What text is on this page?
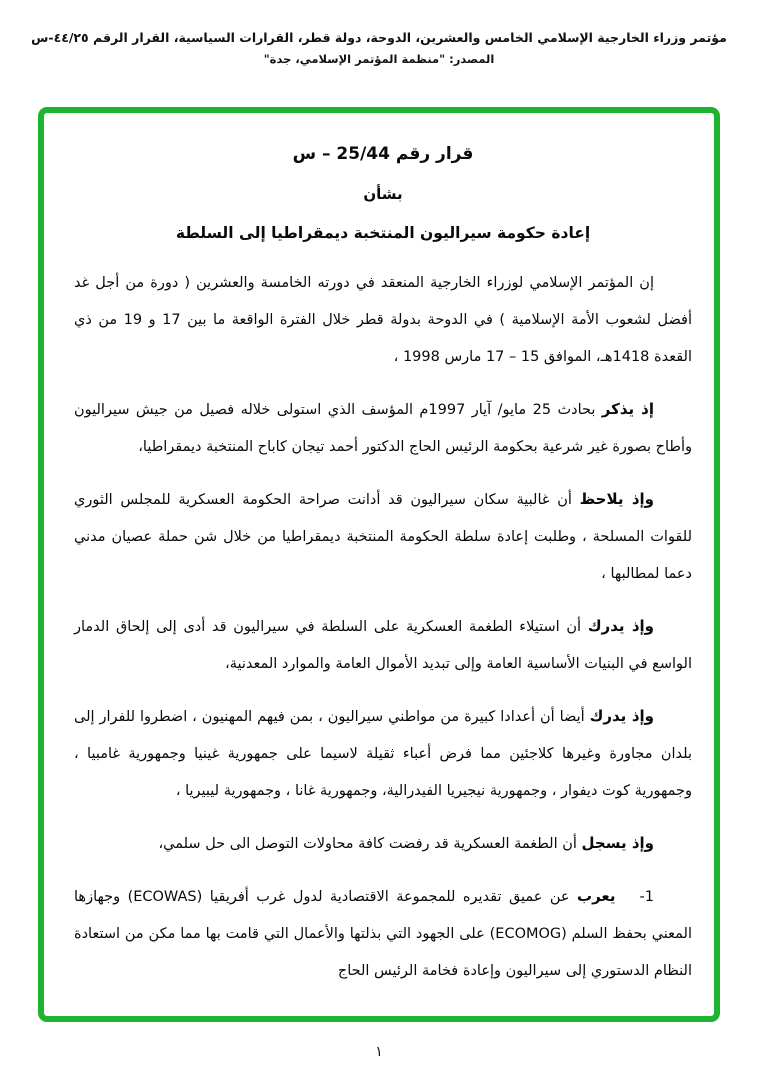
مؤتمر وزراء الخارجية الإسلامي الخامس والعشرين، الدوحة، دولة قطر، القرارات السياسية، القرار الرقم ٤٤/٢٥-س
المصدر: "منظمة المؤتمر الإسلامي، جدة"
قرار رقم 25/44 – س
بشأن
إعادة حكومة سيراليون المنتخبة ديمقراطيا إلى السلطة
إن المؤتمر الإسلامي لوزراء الخارجية المنعقد في دورته الخامسة والعشرين ( دورة من أجل غد أفضل لشعوب الأمة الإسلامية ) في الدوحة بدولة قطر خلال الفترة الواقعة ما بين 17 و 19 من ذي القعدة 1418هـ، الموافق 15 – 17 مارس 1998 ،
إذ يذكر بحادث 25 مايو/ آيار 1997م المؤسف الذي استولى خلاله فصيل من جيش سيراليون وأطاح بصورة غير شرعية بحكومة الرئيس الحاج الدكتور أحمد تيجان كاباح المنتخبة ديمقراطيا،
وإذ يلاحظ أن غالبية سكان سيراليون قد أدانت صراحة الحكومة العسكرية للمجلس الثوري للقوات المسلحة ، وطلبت إعادة سلطة الحكومة المنتخبة ديمقراطيا من خلال شن حملة عصيان مدني دعما لمطالبها ،
وإذ يدرك أن استيلاء الطغمة العسكرية على السلطة في سيراليون قد أدى إلى إلحاق الدمار الواسع في البنيات الأساسية العامة وإلى تبديد الأموال العامة والموارد المعدنية،
وإذ يدرك أيضا أن أعدادا كبيرة من مواطني سيراليون ، بمن فيهم المهنيون ، اضطروا للفرار إلى بلدان مجاورة وغيرها كلاجئين مما فرض أعباء ثقيلة لاسيما على جمهورية غينيا وجمهورية غامبيا ، وجمهورية كوت ديفوار ، وجمهورية نيجيريا الفيدرالية، وجمهورية غانا ، وجمهورية ليبيريا ،
وإذ يسجل أن الطغمة العسكرية قد رفضت كافة محاولات التوصل الى حل سلمي،
1-يعرب عن عميق تقديره للمجموعة الاقتصادية لدول غرب أفريقيا (ECOWAS) وجهازها المعني بحفظ السلم (ECOMOG) على الجهود التي بذلتها والأعمال التي قامت بها مما مكن من استعادة النظام الدستوري إلى سيراليون وإعادة فخامة الرئيس الحاج
١
